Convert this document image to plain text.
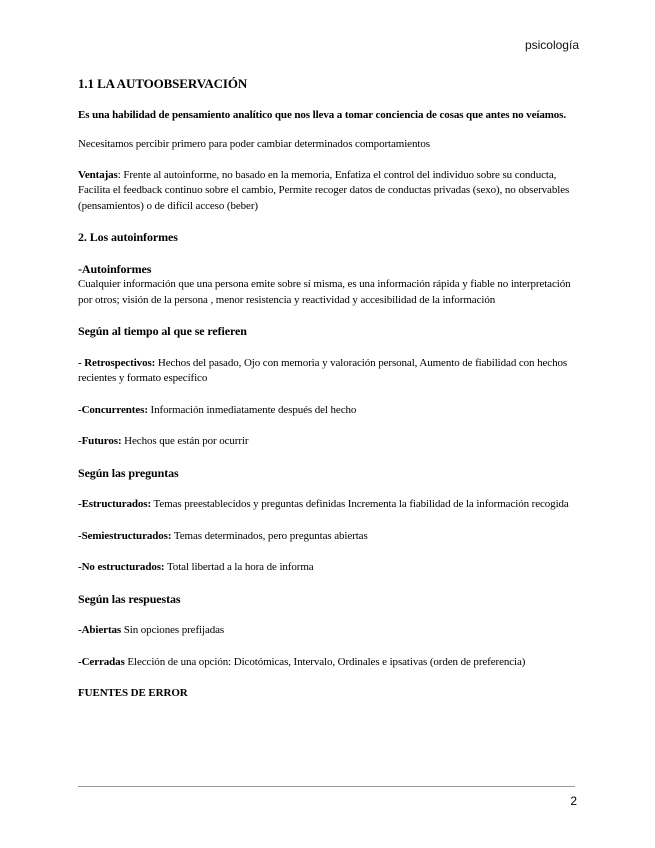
psicología

1.1 LA AUTOOBSERVACIÓN

Es una habilidad de pensamiento analítico que nos lleva a tomar conciencia de cosas que antes no veíamos.

Necesitamos percibir primero para poder cambiar determinados comportamientos

Ventajas: Frente al autoinforme, no basado en la memoria, Enfatiza el control del individuo sobre su conducta, Facilita el feedback continuo sobre el cambio, Permite recoger datos de conductas privadas (sexo), no observables (pensamientos) o de difícil acceso (beber)

2. Los autoinformes

-Autoinformes

Cualquier información que una persona emite sobre sí misma, es una información rápida y fiable no interpretación por otros; visión de la persona , menor resistencia y reactividad y accesibilidad de la información

Según al tiempo al que se refieren

- Retrospectivos: Hechos del pasado, Ojo con memoria y valoración personal, Aumento de fiabilidad con hechos recientes y formato específico

-Concurrentes: Información inmediatamente después del hecho

-Futuros: Hechos que están por ocurrir

Según las preguntas

-Estructurados: Temas preestablecidos y preguntas definidas Incrementa la fiabilidad de la información recogida

-Semiestructurados: Temas determinados, pero preguntas abiertas

-No estructurados: Total libertad a la hora de informa

Según las respuestas

-Abiertas Sin opciones prefijadas

-Cerradas Elección de una opción: Dicotómicas, Intervalo, Ordinales e ipsativas (orden de preferencia)

FUENTES DE ERROR

2
